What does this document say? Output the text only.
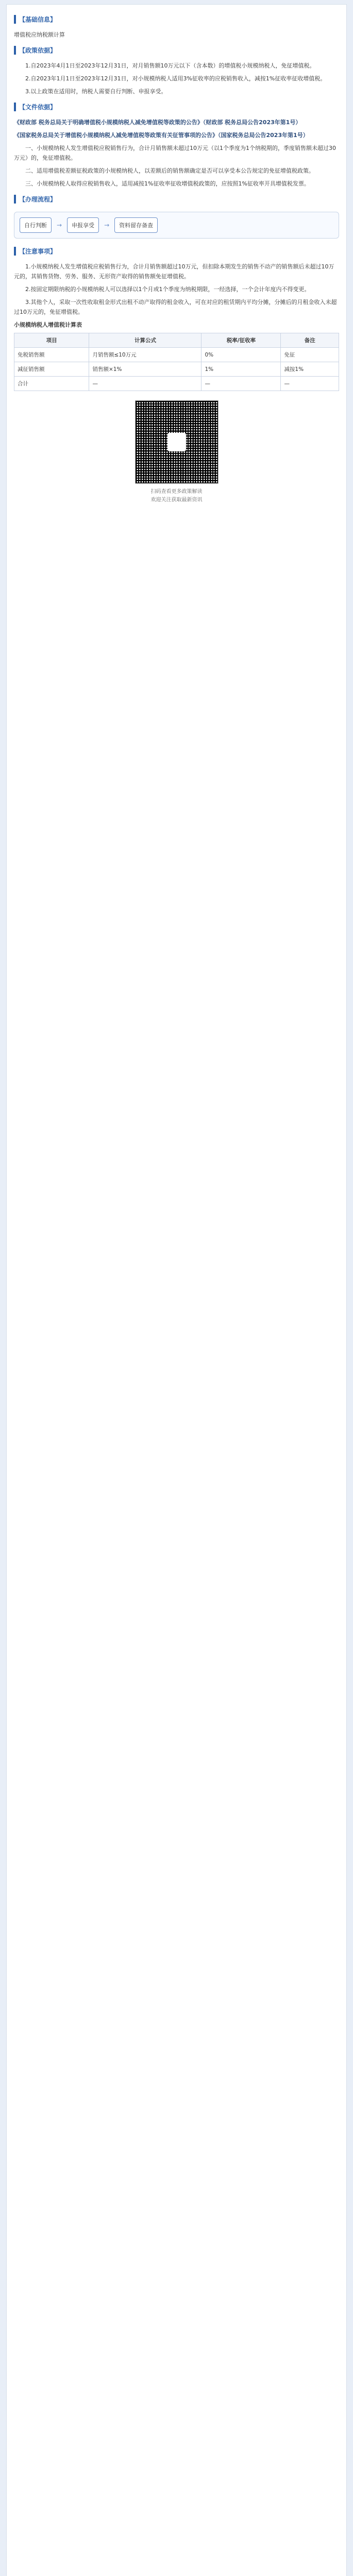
【基础信息】
增值税应纳税额计算
【政策依据】
1.自2023年4月1日至2023年12月31日，对月销售额10万元以下（含本数）的增值税小规模纳税人，免征增值税。
2.自2023年1月1日至2023年12月31日，对小规模纳税人适用3%征收率的应税销售收入，减按1%征收率征收增值税。
3.以上政策在适用时，纳税人需要自行判断、申报享受。
【文件依据】
《财政部 税务总局关于明确增值税小规模纳税人减免增值税等政策的公告》（财政部 税务总局公告2023年第1号）
《国家税务总局关于增值税小规模纳税人减免增值税等政策有关征管事项的公告》（国家税务总局公告2023年第1号）
一、小规模纳税人发生增值税应税销售行为，合计月销售额未超过10万元（以1个季度为1个纳税期的，季度销售额未超过30万元）的，免征增值税。
二、适用增值税差额征税政策的小规模纳税人，以差额后的销售额确定是否可以享受本公告规定的免征增值税政策。
三、小规模纳税人取得应税销售收入，适用减按1%征收率征收增值税政策的，应按照1%征收率开具增值税发票。
【办理流程】
自行判断	→	申报享受	→	资料留存备查
【注意事项】
1.小规模纳税人发生增值税应税销售行为，合计月销售额超过10万元，但扣除本期发生的销售不动产的销售额后未超过10万元的，其销售货物、劳务、服务、无形资产取得的销售额免征增值税。
2.按固定期限纳税的小规模纳税人可以选择以1个月或1个季度为纳税期限，一经选择，一个会计年度内不得变更。
3.其他个人，采取一次性收取租金形式出租不动产取得的租金收入，可在对应的租赁期内平均分摊，分摊后的月租金收入未超过10万元的，免征增值税。
小规模纳税人增值税计算表
项目	计算公式	税率/征收率	备注
免税销售额	月销售额≤10万元	0%	免征
减征销售额	销售额×1%	1%	减按1%
合计	—	—	—
扫码查看更多政策解读
欢迎关注获取最新资讯
